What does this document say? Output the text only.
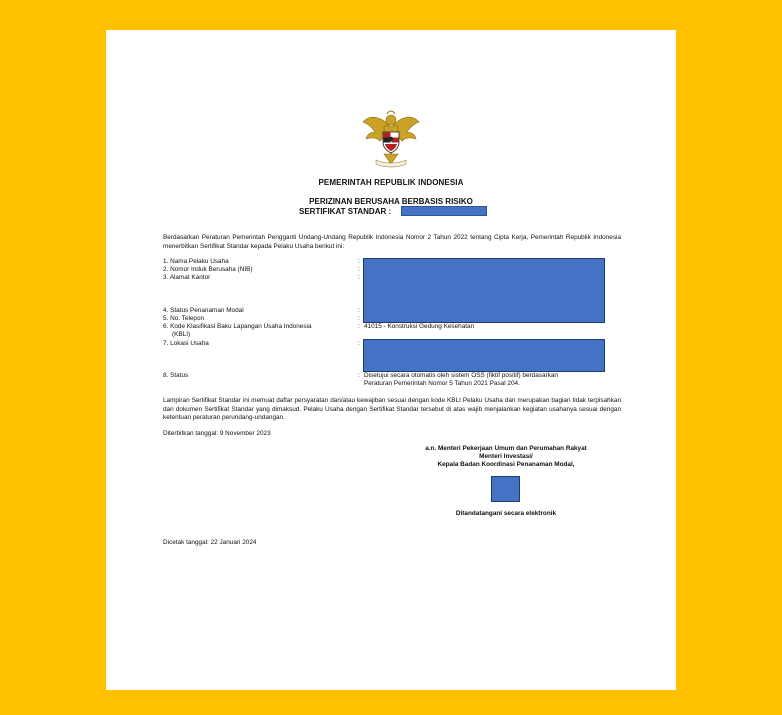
PEMERINTAH REPUBLIK INDONESIA
PERIZINAN BERUSAHA BERBASIS RISIKO
SERTIFIKAT STANDAR :
Berdasarkan Peraturan Pemerintah Pengganti Undang-Undang Republik Indonesia Nomor 2 Tahun 2022 tentang Cipta Kerja, Pemerintah Republik Indonesia menerbitkan Sertifikat Standar kepada Pelaku Usaha berikut ini:
1. Nama Pelaku Usaha
2. Nomor Induk Berusaha (NIB)
3. Alamat Kantor
4. Status Penanaman Modal
5. No. Telepon
6. Kode Klasifikasi Baku Lapangan Usaha Indonesia
(KBLI)
7. Lokasi Usaha
8. Status
:
:
:
:
:
:
:
:
41015 - Konstruksi Gedung Kesehatan
Disetujui secara otomatis oleh sistem OSS (fiktif positif) berdasarkan
Peraturan Pemerintah Nomor 5 Tahun 2021 Pasal 204.
Lampiran Sertifikat Standar ini memuat daftar persyaratan dan/atau kewajiban sesuai dengan kode KBLI Pelaku Usaha dan merupakan bagian tidak terpisahkan dari dokumen Sertifikat Standar yang dimaksud. Pelaku Usaha dengan Sertifikat Standar tersebut di atas wajib menjalankan kegiatan usahanya sesuai dengan ketentuan peraturan perundang-undangan.
Diterbitkan tanggal: 9 November 2023
a.n. Menteri Pekerjaan Umum dan Perumahan Rakyat
Menteri Investasi/
Kepala Badan Koordinasi Penanaman Modal,
Ditandatangani secara elektronik
Dicetak tanggal: 22 Januari 2024
